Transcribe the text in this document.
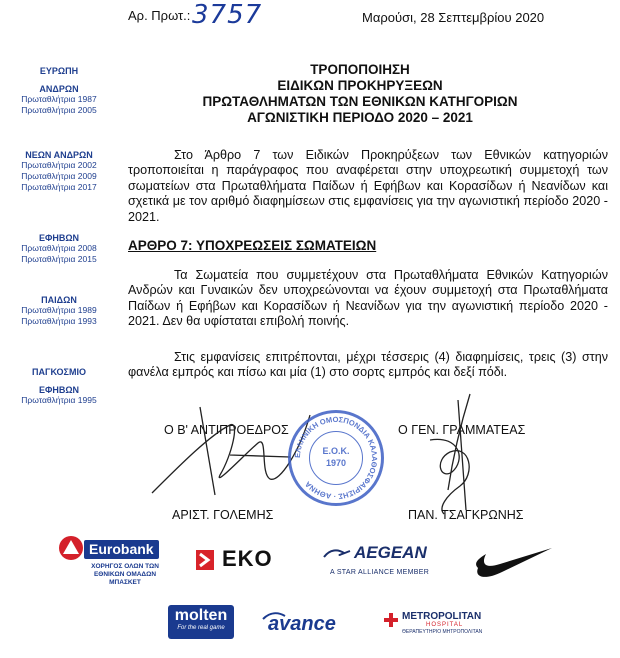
Αρ. Πρωτ.: 3757	Μαρούσι, 28 Σεπτεμβρίου 2020
ΤΡΟΠΟΠΟΙΗΣΗ
ΕΙΔΙΚΩΝ ΠΡΟΚΗΡΥΞΕΩΝ
ΠΡΩΤΑΘΛΗΜΑΤΩΝ ΤΩΝ ΕΘΝΙΚΩΝ ΚΑΤΗΓΟΡΙΩΝ
ΑΓΩΝΙΣΤΙΚΗ ΠΕΡΙΟΔΟ 2020 – 2021
ΕΥΡΩΠΗ
ΑΝΔΡΩΝ
Πρωταθλήτρια 1987
Πρωταθλήτρια 2005
ΝΕΩΝ ΑΝΔΡΩΝ
Πρωταθλήτρια 2002
Πρωταθλήτρια 2009
Πρωταθλήτρια 2017
ΕΦΗΒΩΝ
Πρωταθλήτρια 2008
Πρωταθλήτρια 2015
ΠΑΙΔΩΝ
Πρωταθλήτρια 1989
Πρωταθλήτρια 1993
ΠΑΓΚΟΣΜΙΟ
ΕΦΗΒΩΝ
Πρωταθλήτρια 1995
Στο Άρθρο 7 των Ειδικών Προκηρύξεων των Εθνικών κατηγοριών τροποποιείται η παράγραφος που αναφέρεται στην υποχρεωτική συμμετοχή των σωματείων στα Πρωταθλήματα Παίδων ή Εφήβων και Κορασίδων ή Νεανίδων και σχετικά με τον αριθμό διαφημίσεων στις εμφανίσεις για την αγωνιστική περίοδο 2020 - 2021.
ΑΡΘΡΟ 7: ΥΠΟΧΡΕΩΣΕΙΣ ΣΩΜΑΤΕΙΩΝ
Τα Σωματεία που συμμετέχουν στα Πρωταθλήματα Εθνικών Κατηγοριών Ανδρών και Γυναικών δεν υποχρεώνονται να έχουν συμμετοχή στα Πρωταθλήματα Παίδων ή Εφήβων και Κορασίδων ή Νεανίδων για την αγωνιστική περίοδο 2020 - 2021. Δεν θα υφίσταται επιβολή ποινής.
Στις εμφανίσεις επιτρέπονται, μέχρι τέσσερις (4) διαφημίσεις, τρεις (3) στην φανέλα εμπρός και πίσω και μία (1) στο σορτς εμπρός και δεξί πόδι.
Ο Β' ΑΝΤΙΠΡΟΕΔΡΟΣ	Ο ΓΕΝ. ΓΡΑΜΜΑΤΕΑΣ
ΑΡΙΣΤ. ΓΟΛΕΜΗΣ	ΠΑΝ. ΤΣΑΓΚΡΩΝΗΣ
ΕΛΛΗΝΙΚΗ ΟΜΟΣΠΟΝΔΙΑ ΚΑΛΑΘΟΣΦΑΙΡΙΣΗΣ · ΑΘΗΝΑ
Ε.Ο.Κ.
1970
Eurobank
ΧΟΡΗΓΟΣ ΟΛΩΝ ΤΩΝ
ΕΘΝΙΚΩΝ ΟΜΑΔΩΝ ΜΠΑΣΚΕΤ
EKO	AEGEAN
A STAR ALLIANCE MEMBER
molten
For the real game	avance	METROPOLITAN
HOSPITAL
ΘΕΡΑΠΕΥΤΗΡΙΟ ΜΗΤΡΟΠΟΛΙΤΑΝ
